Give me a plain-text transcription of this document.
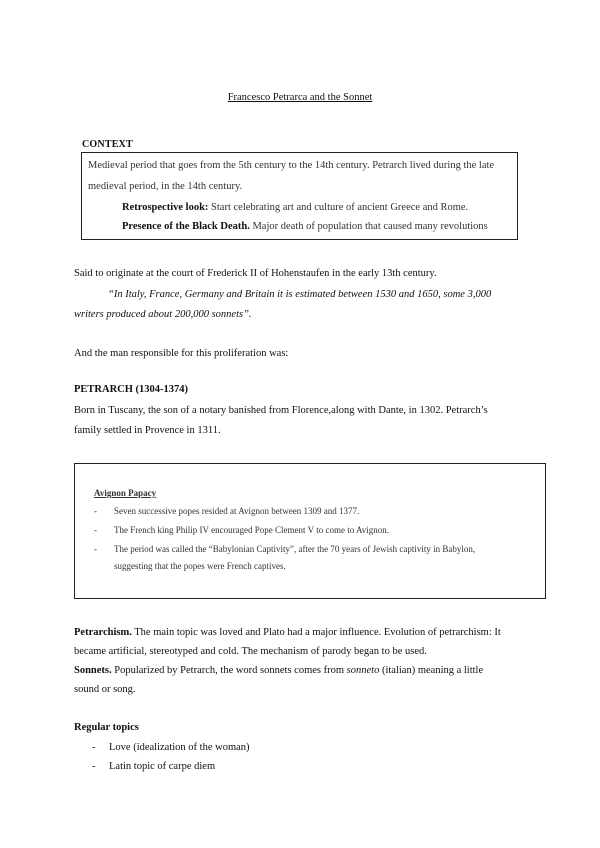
Francesco Petrarca and the Sonnet
CONTEXT
Medieval period that goes from the 5th century to the 14th century. Petrarch lived during the late
medieval period, in the 14th century.
Retrospective look: Start celebrating art and culture of ancient Greece and Rome.
Presence of the Black Death. Major death of population that caused many revolutions
Said to originate at the court of Frederick II of Hohenstaufen in the early 13th century.
“In Italy, France, Germany and Britain it is estimated between 1530 and 1650, some 3,000
writers produced about 200,000 sonnets”.
And the man responsible for this proliferation was:
PETRARCH (1304-1374)
Born in Tuscany, the son of a notary banished from Florence,along with Dante, in 1302. Petrarch’s
family settled in Provence in 1311.
Avignon Papacy
- Seven successive popes resided at Avignon between 1309 and 1377.
- The French king Philip IV encouraged Pope Clement V to come to Avignon.
- The period was called the “Babylonian Captivity”, after the 70 years of Jewish captivity in Babylon,
suggesting that the popes were French captives.
Petrarchism. The main topic was loved and Plato had a major influence. Evolution of petrarchism: It
became artificial, stereotyped and cold. The mechanism of parody began to be used.
Sonnets. Popularized by Petrarch, the word sonnets comes from sonneto (italian) meaning a little
sound or song.
Regular topics
- Love (idealization of the woman)
- Latin topic of carpe diem
